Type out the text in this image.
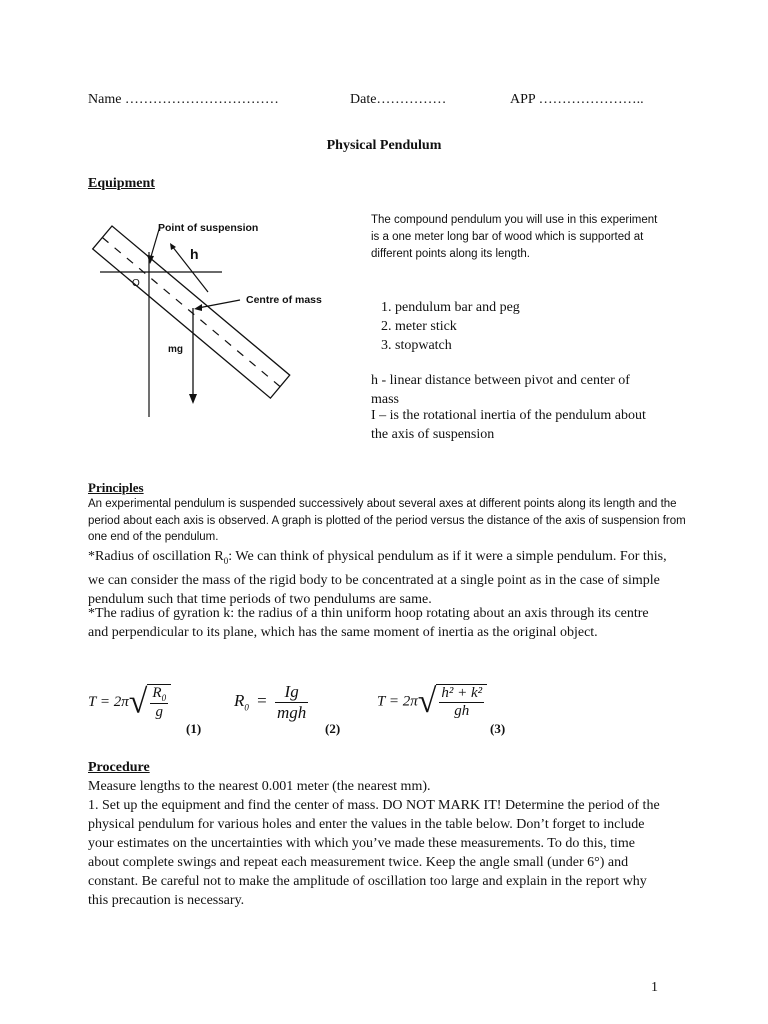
Name ……………………………	Date……………	APP …………………..
Physical Pendulum
Equipment
Point of suspension
h
O
Centre of mass
mg
The compound pendulum you will use in this experiment is a one meter long bar of wood which is supported at different points along its length.
1. pendulum bar and peg
2. meter stick
3. stopwatch
h - linear distance between pivot and center of mass
I – is the rotational inertia of the pendulum about the axis of suspension
Principles
An experimental pendulum is suspended successively about several axes at different points along its length and the period about each axis is observed. A graph is plotted of the period versus the distance of the axis of suspension from one end of the pendulum.
*Radius of oscillation $R_0$: We can think of physical pendulum as if it were a simple pendulum. For this, we can consider the mass of the rigid body to be concentrated at a single point as in the case of simple pendulum such that time periods of two pendulums are same.
*The radius of gyration k: the radius of a thin uniform hoop rotating about an axis through its centre and perpendicular to its plane, which has the same moment of inertia as the original object.
$T = 2\pi√ \frac{R_0}{g}$
(1)
$R_0 = \frac{Ig}{\text{mgh}}$
(2)
$T = 2\pi√ \frac{\text{h² + k²}}{gh}$
(3)
Procedure
Measure lengths to the nearest 0.001 meter (the nearest mm).
1. Set up the equipment and find the center of mass. DO NOT MARK IT! Determine the period of the physical pendulum for various holes and enter the values in the table below. Don’t forget to include your estimates on the uncertainties with which you’ve made these measurements. To do this, time about complete swings and repeat each measurement twice. Keep the angle small (under 6°) and constant. Be careful not to make the amplitude of oscillation too large and explain in the report why this precaution is necessary.
1
